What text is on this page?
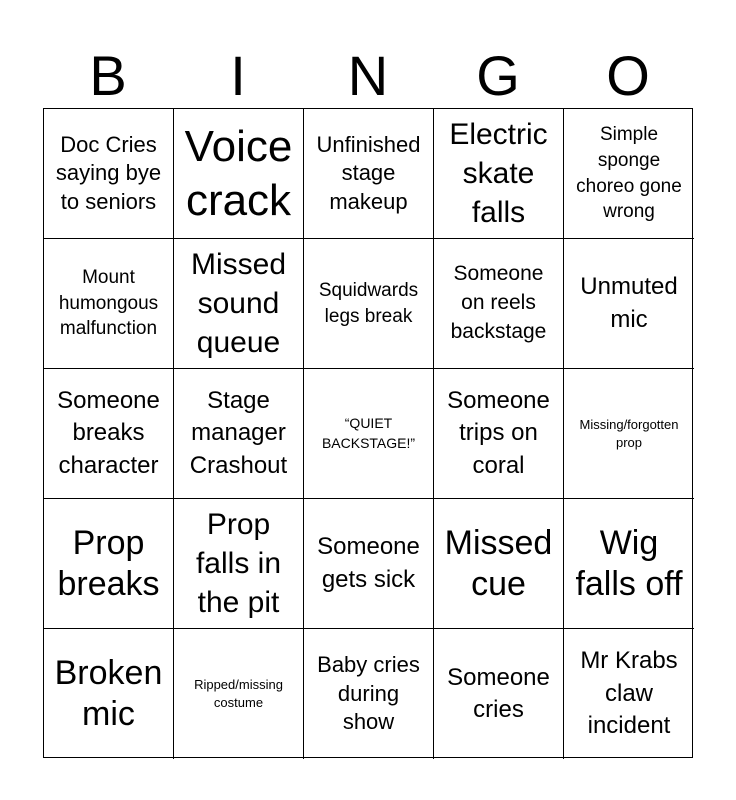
B	I	N	G	O
Doc Cries saying bye to seniors
Voice crack
Unfinished stage makeup
Electric skate falls
Simple sponge choreo gone wrong
Mount humongous malfunction
Missed sound queue
Squidwards legs break
Someone on reels backstage
Unmuted mic
Someone breaks character
Stage manager Crashout
“QUIET BACKSTAGE!”
Someone trips on coral
Missing/forgotten prop
Prop breaks
Prop falls in the pit
Someone gets sick
Missed cue
Wig falls off
Broken mic
Ripped/missing costume
Baby cries during show
Someone cries
Mr Krabs claw incident
